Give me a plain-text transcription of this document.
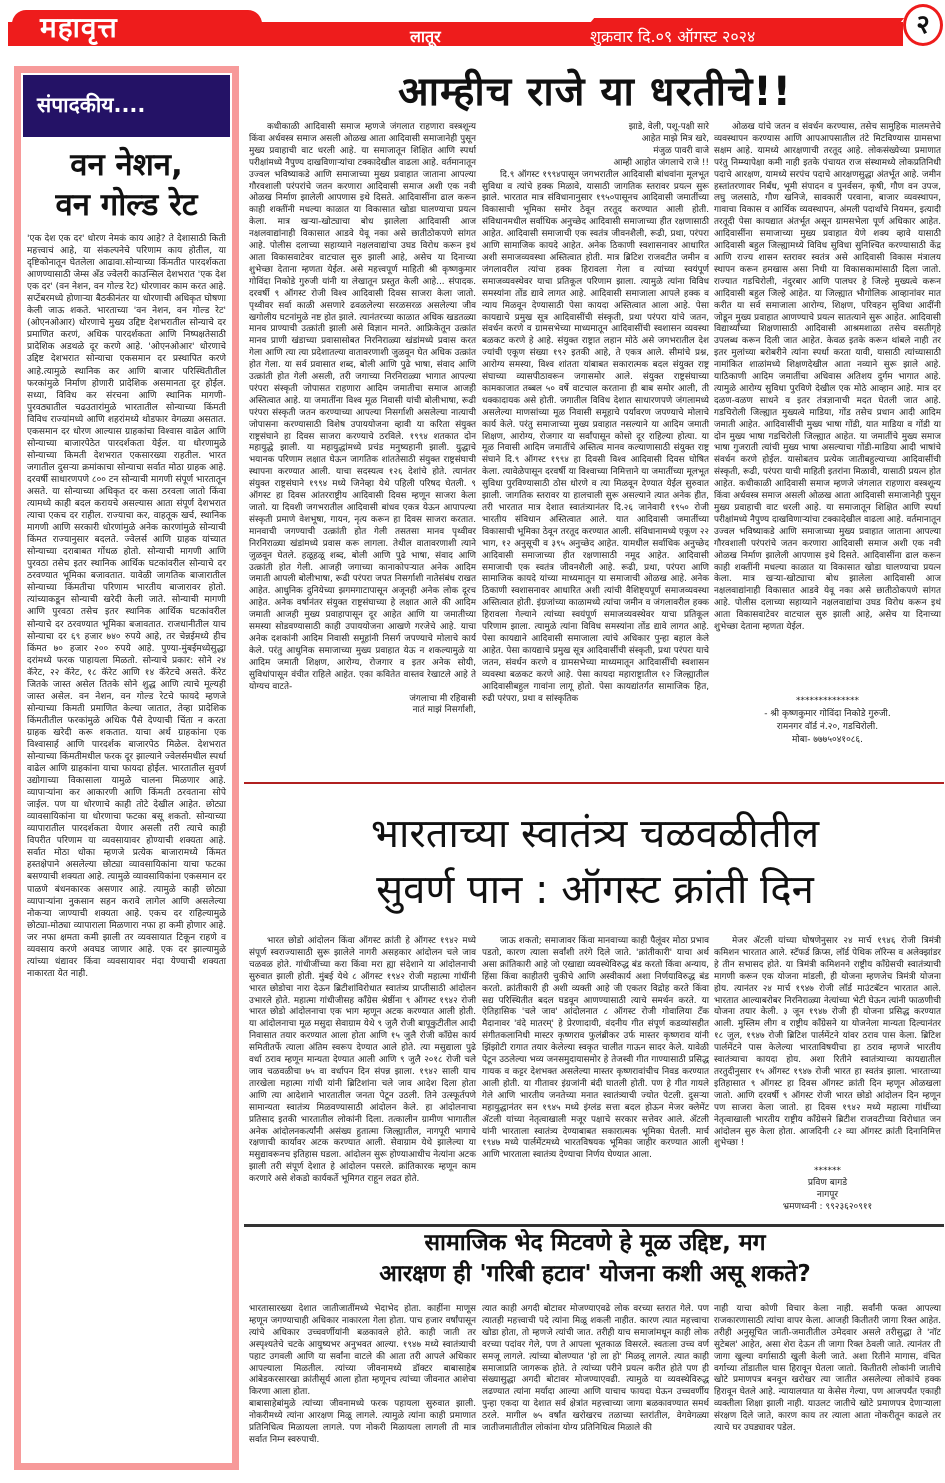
महावृत्त	लातूर	शुक्रवार दि.०९ ऑगस्ट २०२४	२
संपादकीय....
वन नेशन,
वन गोल्ड रेट
'एक देश एक दर' धोरण नेमकं काय आहे? ते देशासाठी किती महत्त्वाचं आहे, या संकल्पनेचे परिणाम काय होतील, या दृष्टिकोनातून घेतलेला आढावा.सोन्याच्या किंमतीत पारदर्शकता आणण्यासाठी जेम्स अँड ज्वेलरी काउन्सिल देशभरात 'एक देश एक दर' (वन नेशन, वन गोल्ड रेट) धोरणावर काम करत आहे. सप्टेंबरमध्ये होणाऱ्या बैठकीनंतर या धोरणाची अधिकृत घोषणा केली जाऊ शकते. भारताच्या 'वन नेशन, वन गोल्ड रेट' (ओएनओआर) धोरणाचे मुख्य उद्दिष्ट देशभरातील सोन्याचे दर प्रमाणित करणं, अधिक पारदर्शकता आणि निष्पक्षतेसाठी प्रादेशिक अडथळे दूर करणे आहे. 'ओएनओआर' धोरणाचे उद्दिष्ट देशभरात सोन्याचा एकसमान दर प्रस्थापित करणे आहे.त्यामुळे स्थानिक कर आणि बाजार परिस्थितीतील फरकांमुळे निर्माण होणारी प्रादेशिक असमानता दूर होईल. सध्या, विविध कर संरचना आणि स्थानिक मागणी-पुरवठ्यातील चढउतारांमुळे भारतातील सोन्याच्या किंमती विविध राज्यांमध्ये आणि शहरांमध्ये थोडफार वेगळ्या असतात. एकसमान दर धोरण आल्यास ग्राहकांचा विश्वास वाढेल आणि सोन्याच्या बाजारपेठेत पारदर्शकता येईल. या धोरणामुळे सोन्याच्या किमती देशभरात एकसारख्या राहतील. भारत जगातील दुसऱ्या क्रमांकाचा सोन्याचा सर्वात मोठा ग्राहक आहे. दरवर्षी साधारणपणे ८०० टन सोन्याची मागणी संपूर्ण भारतातून असते. या सोन्याच्या अधिकृत दर कसा ठरवला जातो किंवा त्यामध्ये काही बदल करायचे असल्यास आता संपूर्ण देशभरात त्याचा एकच दर राहील. राज्याचा कर, वाहतूक खर्च, स्थानिक मागणी आणि सरकारी धोरणांमुळे अनेक कारणांमुळे सोन्याची किंमत राज्यानुसार बदलते. ज्वेलर्स आणि ग्राहक यांच्यात सोन्याच्या दराबाबत गोंधळ होतो. सोन्याची मागणी आणि पुरवठा तसेच इतर स्थानिक आर्थिक घटकांवरील सोन्याचे दर ठरवण्यात भूमिका बजावतात. यावेळी जागतिक बाजारातील सोन्याच्या किंमतीचा परिणाम भारतीय बाजारावर होतो. त्यांच्याकडून सोन्याची खरेदी केली जाते. सोन्याची मागणी आणि पुरवठा तसेच इतर स्थानिक आर्थिक घटकांवरील सोन्याचे दर ठरवण्यात भूमिका बजावतात. राजधानीतील याच सोन्याचा दर ६९ हजार ७४० रुपये आहे, तर चेन्नईमध्ये हीच किंमत ७० हजार २०० रुपये आहे. पुण्या-मुंबईमध्येसुद्धा दरांमध्ये फरक पाहायला मिळतो. सोन्याचे प्रकार: सोने २४ कॅरेट, २२ कॅरेट, १८ कॅरेट आणि १४ कॅरेटचे असते. कॅरेट जितके जास्त असेल तितके सोने शुद्ध आणि त्याचे मूल्यही जास्त असेल. वन नेशन, वन गोल्ड रेटचे फायदे म्हणजे सोन्याच्या किमती प्रमाणित केल्या जातात, तेव्हा प्रादेशिक किंमतीतील फरकांमुळे अधिक पैसे देण्याची चिंता न करता ग्राहक खरेदी करू शकतात. याचा अर्थ ग्राहकांना एक विश्वासार्ह आणि पारदर्शक बाजारपेठ मिळेल. देशभरात सोन्याच्या किंमतीमधील फरक दूर झाल्याने ज्वेलर्समधील स्पर्धा वाढेल आणि ग्राहकांना याचा फायदा होईल. भारतातील सुवर्ण उद्योगाच्या विकासाला यामुळे चालना मिळणार आहे. व्यापाऱ्यांना कर आकारणी आणि किंमती ठरवताना सोपे जाईल. पण या धोरणाचे काही तोटे देखील आहेत. छोट्या व्यावसायिकांना या धोरणाचा फटका बसू शकतो. सोन्याच्या व्यापारातील पारदर्शकता येणार असली तरी त्याचे काही विपरीत परिणाम या व्यवसायावर होण्याची शक्यता आहे. सर्वात मोठा धोका म्हणजे प्रत्येक बाजारामध्ये किंमत हस्तक्षेपाने असलेल्या छोट्या व्यावसायिकांना याचा फटका बसण्याची शक्यता आहे. त्यामुळे व्यावसायिकांना एकसमान दर पाळणे बंधनकारक असणार आहे. त्यामुळे काही छोट्या व्यापाऱ्यांना नुकसान सहन करावे लागेल आणि असलेल्या नोकऱ्या जाण्याची शक्यता आहे. एकच दर राहिल्यामुळे छोट्या-मोठ्या व्यापाराला मिळणारा नफा हा कमी होणार आहे. जर नफा क्षमता कमी झाली तर व्यवसायात टिकून राहणे व व्यवसाय करणे अवघड जाणार आहे. एक दर झाल्यामुळे त्यांच्या धंद्यावर किंवा व्यवसायावर मंदा येण्याची शक्यता नाकारता येत नाही.
आम्हीच राजे या धरतीचे!!

कधीकाळी आदिवासी समाज म्हणजे जंगलात राहणारा वस्त्रशून्य किंवा अर्धवस्त्र समाज असली ओळख आता आदिवासी समाजानेही पुसून मुख्य प्रवाहाची वाट धरली आहे. या समाजातून शिक्षित आणि स्पर्धा परीक्षांमध्ये नैपुण्य दाखविणाऱ्यांचा टक्कादेखील वाढला आहे. वर्तमानातून उज्वल भविष्याकडे आणि समाजाच्या मुख्य प्रवाहात जाताना आपल्या गौरवशाली परंपरांचे जतन करणारा आदिवासी समाज अशी एक नवी ओळख निर्माण झालेली आपणास इथे दिसते. आदिवासींना ढाल करून काही शक्तींनी मधल्या काळात या विकासात खोडा घालण्याचा प्रयत्न केला. मात्र खऱ्या-खोट्याचा बोध झालेला आदिवासी आज नक्षलवाद्यांनाही विकासात आडवे येवू नका असे छातीठोकपणे सांगत आहे. पोलीस दलाच्या सहाय्याने नक्षलवाद्यांचा उघड विरोध करून इथं आता विकासवाटेवर वाटचाल सुरु झाली आहे, असेच या दिनाच्या शुभेच्छा देताना म्हणता येईल. असे महत्त्वपूर्ण माहिती श्री कृष्णकुमार गोविंदा निकोडे गुरुजी यांनी या लेखातून प्रस्तुत केली आहे... संपादक. दरवर्षी ९ ऑगस्ट रोजी विश्व आदिवासी दिवस साजरा केला जातो. पृथ्वीवर सर्वा काळी असणारे ढवळलेल्या सरळसरळ असलेल्या जीव खगोलीय घटनांमुळे नष्ट होत झाले. त्यानंतरच्या काळात अधिक खडतळ्या मानव प्राण्याची उत्क्रांती झाली असे विज्ञान मानते. आफ्रिकेतून उत्क्रांत मानव प्राणी खंडाच्या प्रवासासोबत निरनिराळ्या खंडांमध्ये प्रवास करत गेला आणि त्या त्या प्रदेशातल्या वातावरणाशी जुळवून घेत अधिक उत्क्रांत होत गेला. या सर्व प्रवासात शब्द, बोली आणि पुढे भाषा, संवाद आणि उत्क्रांती होत गेली असली, तरी जगाच्या निरनिराळ्या भागात आपल्या परंपरा संस्कृती जोपासत राहणारा आदिम जमातीचा समाज आजही अस्तित्वात आहे. या जमातींना विश्व मूळ निवासी यांची बोलीभाषा, रूढी परंपरा संस्कृती जतन करण्याच्या आपल्या निसर्गाशी असलेल्या नात्याची जोपासना करण्यासाठी विशेष उपाययोजना व्हावी या करिता संयुक्त राष्ट्रसंघाने हा दिवस साजरा करण्याचे ठरविले. १९९४ शतकात दोन महायुद्धे झाली. या महायुद्धांमध्ये प्रचंड मनुष्यहानी झाली. युद्धाचे भयानक परिणाम लक्षात घेऊन जागतिक शांततेसाठी संयुक्त राष्ट्रसंघाची स्थापना करण्यात आली. याचा सदस्यत्व १२६ देशांचे होते. त्यानंतर संयुक्त राष्ट्रसंघाने १९९४ मध्ये जिनेव्हा येथे पहिली परिषद घेतली. ९ ऑगस्ट हा दिवस आंतरराष्ट्रीय आदिवासी दिवस म्हणून साजरा केला जातो. या दिवशी जगभरातील आदिवासी बांधव एकत्र येऊन आपापल्या संस्कृती प्रमाणे वेशभूषा, गायन, नृत्य करून हा दिवस साजरा करतात. मानवाची जगण्याची उत्क्रांती होत गेली तसतसा मानव पृथ्वीवर निरनिराळ्या खंडांमध्ये प्रवास करू लागला. तेथील वातावरणाशी त्याने जुळवून घेतले. हळूहळू शब्द, बोली आणि पुढे भाषा, संवाद आणि उत्क्रांती होत गेली. आजही जगाच्या कानाकोपऱ्यात अनेक आदिम जमाती आपली बोलीभाषा, रूढी परंपरा जपत निसर्गाशी नातेसंबंध राखत आहेत. आधुनिक दुनियेच्या झगमगाटापासून अजूनही अनेक लोक दूरच आहेत. अनेक वर्षानंतर संयुक्त राष्ट्रसंघाच्या हे लक्षात आले की आदिम जमाती आजही मुख्य प्रवाहापासून दूर आहेत आणि या जमातीच्या समस्या सोडवण्यासाठी काही उपाययोजना आखणे गरजेचे आहे. याचा अनेक दशकांनी आदिम निवासी समूहांनी निसर्ग जपण्याचे मोलाचे कार्य केले. परंतु आधुनिक समाजाच्या मुख्य प्रवाहात येऊ न शकल्यामुळे या आदिम जमाती शिक्षण, आरोग्य, रोजगार व इतर अनेक सोयी, सुविधांपासून वंचीत राहिले आहेत. एका कवितेत वास्तव रेखाटले आहे ते योग्यच वाटते-

जंगलाचा मी रहिवासी

नातं माझं निसर्गाशी,

झाडे, वेली, पशू-पक्षी सारे

आहेत माझे मित्र खरे,

मंजुळ पावरी वाजे

आम्ही आहोत जंगलाचे राजे !!

दि.९ ऑगस्ट १९९४पासून जगभरातील आदिवासी बांधवांना मूलभूत सुविधा व त्यांचे हक्क मिळावे, यासाठी जागतिक स्तरावर प्रयत्न सुरू झाले. भारतात मात्र संविधानानुसार १९५०पासूनच आदिवासी जमातींच्या विकासाची भूमिका समोर ठेवून तरतूद करण्यात आली होती. संविधानमधील सर्वाधिक अनुच्छेद आदिवासी समाजाच्या हीत रक्षणासाठी आहेत. आदिवासी समाजाची एक स्वतंत्र जीवनशैली, रूढी, प्रथा, परंपरा आणि सामाजिक कायदे आहेत. अनेक ठिकाणी स्वशासनावर आधारित अशी समाजव्यवस्था अस्तित्वात होती. मात्र ब्रिटिश राजवटीत जमीन व जंगलावरील त्यांचा हक्क हिरावला गेला व त्यांच्या स्वयंपूर्ण समाजव्यवस्थेवर याचा प्रतिकूल परिणाम झाला. त्यामुळे त्यांना विविध समस्यांना तोंड द्यावे लागत आहे. आदिवासी समाजाला आपले हक्क व न्याय मिळवून देण्यासाठी पेसा कायदा अस्तित्वात आला आहे. पेसा कायद्याचे प्रमुख सूत्र आदिवासींची संस्कृती, प्रथा परंपरा यांचे जतन, संवर्धन करणे व ग्रामसभेच्या माध्यमातून आदिवासींची स्वशासन व्यवस्था बळकट करणे हे आहे. संयुक्त राष्ट्रात लहान मोठे असे जगभरातील देश ज्यांची एकूण संख्या १९२ इतकी आहे, ते एकत्र आले. सीमांचे प्रश्न, आरोग्य समस्या, विश्व शांतता यांबाबत सकारात्मक बदल संयुक्त राष्ट्र संघाच्या व्यासपीठावरून जगासमोर आले. संयुक्त राष्ट्रसंघाच्या कामकाजात तब्बल ५० वर्षे वाटचाल करताना ही बाब समोर आली, ती धक्कादायक असे होती. जगातील विविध देशात साधारणपणे जंगलामध्ये असलेल्या माणसांच्या मूळ निवासी समूहाचे पर्यावरण जपण्याचे मोलाचे कार्य केले. परंतु समाजाच्या मुख्य प्रवाहात नसल्याने या आदिम जमाती शिक्षण, आरोग्य, रोजगार या सर्वांपासून कोसो दूर राहिल्या होत्या. या मूळ निवासी आदिम जमातींचे अस्तित्व मानव कल्याणासाठी संयुक्त राष्ट्र संघाने दि.९ ऑगस्ट १९९४ हा दिवसी विश्व आदिवासी दिवस घोषित केला. त्यावेळेपासून दरवर्षी या विश्वाच्या निमित्ताने या जमातींच्या मूलभूत सुविधा पुरविण्यासाठी ठोस धोरणे व त्या मिळवून देण्यात येईल सुरुवात झाली. जागतिक स्तरावर या हालचाली सुरू असल्याने त्यात अनेक हीत, तरी भारतात मात्र देशात स्वातंत्र्यानंतर दि.२६ जानेवारी १९५० रोजी भारतीय संविधान अस्तित्वात आले. यात आदिवासी जमातींच्या विकासाची भूमिका ठेवून तरतूद करण्यात आली. संविधानामध्ये एकूण २२ भाग, १२ अनुसूची व ३९५ अनुच्छेद आहेत. यामधील सर्वाधिक अनुच्छेद आदिवासी समाजाच्या हीत रक्षणासाठी नमूद आहेत. आदिवासी समाजाची एक स्वतंत्र जीवनशैली आहे. रूढी, प्रथा, परंपरा आणि सामाजिक कायदे यांच्या माध्यमातून या समाजाची ओळख आहे. अनेक ठिकाणी स्वशासनावर आधारित अशी त्यांची वैशिष्ट्यपूर्ण समाजव्यवस्था अस्तित्वात होती. इंग्रजांच्या काळामध्ये त्यांचा जमीन व जंगलावरील हक्क हिरावला गेल्याने त्यांच्या स्वयंपूर्ण समाजव्यवस्थेवर याचा प्रतिकूल परिणाम झाला. त्यामुळे त्यांना विविध समस्यांना तोंड द्यावे लागत आहे. पेसा कायद्याने आदिवासी समाजाला त्यांचे अधिकार पुन्हा बहाल केले आहेत. पेसा कायद्याचे प्रमुख सूत्र आदिवासींची संस्कृती, प्रथा परंपरा याचे जतन, संवर्धन करणे व ग्रामसभेच्या माध्यमातून आदिवासींची स्वशासन व्यवस्था बळकट करणे आहे. पेसा कायदा महाराष्ट्रातील १२ जिल्ह्यातील आदिवासीबहुल गावांना लागू होतो. पेसा कायद्यांतर्गत सामाजिक हित, रुढी परंपरा, प्रथा व सांस्कृतिक

ओळख यांचे जतन व संवर्धन करण्यास, तसेच सामुहिक मालमत्तेचे व्यवस्थापन करण्यास आणि आपआपसातील तंटे मिटविण्यास ग्रामसभा सक्षम आहे. यामध्ये आरक्षणाची तरतूद आहे. लोकसंख्येच्या प्रमाणात परंतु निम्म्यापेक्षा कमी नाही इतके पंचायत राज संस्थामध्ये लोकप्रतिनिधी पदाचे आरक्षण, यामध्ये सरपंच पदाचे आरक्षणसुद्धा अंतर्भूत आहे. जमीन हस्तांतरणावर निर्बंध, भूमी संपादन व पुनर्वसन, कृषी, गौण वन उपज, लघु जलसाठे, गौण खनिजे, सावकारी परवाना, बाजार व्यवस्थापन, गावाचा विकास व आर्थिक व्यवस्थापन, अंमली पदार्थांचे नियमन, इत्यादी तरतूदी पेसा कायद्यात अंतर्भूत असून ग्रामसभेला पूर्ण अधिकार आहेत. आदिवासींना समाजाच्या मुख्य प्रवाहात येणे शक्य व्हावे यासाठी आदिवासी बहुल जिल्ह्यामध्ये विविध सुविधा सुनिश्चित करण्यासाठी केंद्र आणि राज्य शासन स्तरावर स्वतंत्र असे आदिवासी विकास मंत्रालय स्थापन करून हमखास असा निधी या विकासकामांसाठी दिला जातो. राज्यात गडचिरोली, नंदुरबार आणि पालघर हे जिल्हे मुख्यत्वे करून आदिवासी बहुल जिल्हे आहेत. या जिल्ह्यात भौगोलिक आव्हानांवर मात करीत या सर्व समाजाला आरोग्य, शिक्षण, परिवहन सुविधा आदींनी जोडून मुख्य प्रवाहात आणण्याचे प्रयत्न सातत्याने सुरू आहेत. आदिवासी विद्यार्थ्यांच्या शिक्षणासाठी आदिवासी आश्रमशाळा तसेच वसतीगृहे उपलब्ध करून दिली जात आहेत. केवळ इतके करून थांबले नाही तर इतर मुलांच्या बरोबरीने त्यांना स्पर्धा करता यावी, यासाठी त्यांच्यासाठी नामांकित शाळांमध्ये शिक्षणदेखील आता नव्याने सुरू झाले आहे. याठिकाणी आदिम जमातींचा अधिवास अतिशय दुर्गम भागात आहे. त्यामुळे आरोग्य सुविधा पुरविणे देखील एक मोठे आव्हान आहे. मात्र दर दळण-वळण साधने व इतर तंत्रज्ञानाची मदत घेतली जात आहे. गडचिरोली जिल्ह्यात मुख्यत्वे माडिया, गोंड तसेच प्रधान आदी आदिम जमाती आहेत. आदिवासींची मुख्य भाषा गोंडी, यात माडिया व गोंडी या दोन मुख्य भाषा गडचिरोली जिल्ह्यात आहेत. या जमातींचे मुख्य समाज भाषा गुजराती त्यांची मुख्य भाषा असल्याचा गोंडी-माडिया आदी भाषांचे संवर्धन करणे होईल. यासोबतच प्रत्येक जातीबहुल्याच्या आदिवासींची संस्कृती, रूढी, परंपरा याची माहिती इतरांना मिळावी, यासाठी प्रयत्न होत आहेत. कधीकाळी आदिवासी समाज म्हणजे जंगलात राहणारा वस्त्रशून्य किंवा अर्धवस्त्र समाज असली ओळख आता आदिवासी समाजानेही पुसून मुख्य प्रवाहाची वाट धरली आहे. या समाजातून शिक्षित आणि स्पर्धा परीक्षांमध्ये नैपुण्य दाखविणाऱ्यांचा टक्कादेखील वाढला आहे. वर्तमानातून उज्वल भविष्याकडे आणि समाजाच्या मुख्य प्रवाहात जाताना आपल्या गौरवशाली परंपरांचे जतन करणारा आदिवासी समाज अशी एक नवी ओळख निर्माण झालेली आपणास इथे दिसते. आदिवासींना ढाल करून काही शक्तींनी मधल्या काळात या विकासात खोडा घालण्याचा प्रयत्न केला. मात्र खऱ्या-खोट्याचा बोध झालेला आदिवासी आज नक्षलवाद्यांनाही विकासात आडवे येवू नका असे छातीठोकपणे सांगत आहे. पोलीस दलाच्या सहाय्याने नक्षलवाद्यांचा उघड विरोध करून इथं आता विकासवाटेवर वाटचाल सुरु झाली आहे, असेच या दिनाच्या शुभेच्छा देताना म्हणता येईल.

**************

- श्री कृष्णकुमार गोविंदा निकोडे गुरुजी.

रामनगर वॉर्ड नं.२०, गडचिरोली.

मोबा- ७७७५०४१०८६.

भारताच्या स्वातंत्र्य चळवळीतील
सुवर्ण पान : ऑगस्ट क्रांती दिन

भारत छोडो आंदोलन किंवा ऑगस्ट क्रांती हे ऑगस्ट १९४२ मध्ये संपूर्ण स्वराज्यासाठी सुरू झालेले नागरी असहकार आंदोलन चले जाव चळवळ होते. गांधीजींच्या करा किंवा मरा ह्या संदेशाने या आंदोलनाची सुरुवात झाली होती. मुंबई येथे ८ ऑगस्ट १९४२ रोजी महात्मा गांधींनी भारत छोडोचा नारा देऊन ब्रिटीशांविरोधात स्वातंत्र्य प्राप्तीसाठी आंदोलन उभारले होते. महात्मा गांधीजीसह काँग्रेस श्रेष्ठींना ९ ऑगस्ट १९४२ रोजी भारत छोडो आंदोलनाचा एक भाग म्हणून अटक करण्यात आली होती. या आंदोलनाचा मूळ मसुदा सेवाग्राम येथे ९ जुलै रोजी बापूकुटीतील आदी निवासात तयार करण्यात आला होता आणि १५ जुलै रोजी काँग्रेस कार्य समितीतर्फे त्याला अंतिम स्वरूप देण्यात आले होते. त्या मसुद्याला पुढे वर्धा ठराव म्हणून मान्यता देण्यात आली आणि ९ जुलै २०१८ रोजी चले जाव चळवळीचा ७५ वा वर्धापन दिन संपन्न झाला. १९४२ साली याच तारखेला महात्मा गांधी यांनी ब्रिटिशांना चले जाव आदेश दिला होता आणि त्या आदेशाने भारतातील जनता पेटून उठली. तिने उत्स्फूर्तपणे सामान्यता स्वातंत्र्य मिळवण्यासाठी आंदोलन केले. हा आंदोलनाचा प्रतिसाद इतकी भारतातील लोकांनी दिला. तत्कालीन ग्रामीण भागातील अनेक आंदोलनकर्त्यांनी असंख्य हुतात्मा जिल्ह्यातील, नागपूरी भागाचे रक्षणाची कार्यावर अटक करण्यात आली. सेवाग्राम येथे झालेल्या या मसुद्यावरूनच इतिहास घडला. आंदोलन सुरू होण्याआधीच नेत्यांना अटक झाली तरी संपूर्ण देशात हे आंदोलन पसरले. क्रांतिकारक म्हणून काम करणारे असे शेकडो कार्यकर्ते भूमिगत राहून लढत होते.

जाऊ शकतो; समाजावर किंवा मानवाच्या काही पैलूंवर मोठा प्रभाव पडतो, कारण त्याला सर्वांशी तरंगे दिले जाते. 'क्रांतीकारी' याचा अर्थ असा क्रांतिकारी आहे जो एखाद्या व्यवस्थेविरुद्ध बंड करतो किंवा अन्याय, हिंसा किंवा काहीतरी चुकीचे आणि अस्वीकार्य अशा निर्णयाविरुद्ध बंड करतो. क्रांतीकारी ही अशी व्यक्ती आहे जी एकतर विद्रोह करते किंवा सद्य परिस्थितीत बदल घडवून आणण्यासाठी त्याचे समर्थन करते. या ऐतिहासिक 'चले जाव' आंदोलनात ८ ऑगस्ट रोजी गोवालिया टँक मैदानावर 'वंदे मातरम्' हे प्रेरणादायी, वंदनीय गीत संपूर्ण कडव्यांसहीत संगीतकलानिधी मास्टर कृष्णराव फुलंब्रीकर उर्फ मास्तर कृष्णराव यांनी झिंझोटी रागात तयार केलेल्या स्वकृत चालीत गाऊन सादर केले. यावेळी पेटून उठलेल्या भव्य जनसमुदायासमोर हे तेजस्वी गीत गाण्यासाठी प्रसिद्ध गायक व कट्टर देशभक्त असलेल्या मास्तर कृष्णरावांचीच निवड करण्यात आली होती. या गीतावर इंग्रजांनी बंदी घातली होती. पण हे गीत गायले गेले आणि भारतीय जनतेच्या मनात स्वातंत्र्याची ज्योत पेटली. दुसऱ्या महायुद्धानंतर सन १९४५ मध्ये इंग्लंड सत्ता बदल होऊन मेजर क्लेमेंट ॲटली यांच्या नेतृत्वाखाली मजूर पक्षाचे सरकार सत्तेवर आले. ॲटली यांनी भारताला स्वातंत्र्य देण्याबाबत सकारात्मक भूमिका घेतली. मार्च १९४७ मध्ये पार्लमेंटमध्ये भारतविषयक भूमिका जाहीर करण्यात आली आणि भारताला स्वातंत्र्य देण्याचा निर्णय घेण्यात आला.

मेजर ॲटली यांच्या घोषणेनुसार २४ मार्च १९४६ रोजी त्रिमंत्री कमिशन भारतात आले. स्टॅफर्ड क्रिप्स, लॉर्ड पेथिक लॉरेन्स व अलेक्झांडर हे तीन सभासद होते. या त्रिमंत्री कमिशनने राष्ट्रीय काँग्रेसची स्वातंत्र्याची मागणी करून एक योजना मांडली, ही योजना म्हणजेच त्रिमंत्री योजना होय. त्यानंतर २४ मार्च १९४७ रोजी लॉर्ड माउंटबॅटन भारतात आले. भारतात आल्याबरोबर निरनिराळ्या नेत्यांच्या भेटी घेऊन त्यांनी फाळणीची योजना तयार केली. ३ जून १९४७ रोजी ही योजना प्रसिद्ध करण्यात आली. मुस्लिम लीग व राष्ट्रीय काँग्रेसने या योजनेला मान्यता दिल्यानंतर १८ जुल, १९४७ रोजी ब्रिटिश पार्लमेंटने यांवर ठराव पास केला. ब्रिटिश पार्लमेंटने पास केलेल्या भारताविषयीचा हा ठराव म्हणजे भारतीय स्वातंत्र्याचा कायदा होय. अशा रितीने स्वातंत्र्याच्या कायद्यातील तरतुदीनुसार १५ ऑगस्ट १९४७ रोजी भारत हा स्वतंत्र झाला. भारताच्या इतिहासात ९ ऑगस्ट हा दिवस ऑगस्ट क्रांती दिन म्हणून ओळखला जातो. आणि दरवर्षी ९ ऑगस्ट रोजी भारत छोडो आंदोलन दिन म्हणून पण साजरा केला जातो. हा दिवस १९४२ मध्ये महात्मा गांधींच्या नेतृत्वाखाली भारतीय राष्ट्रीय काँग्रेसने ब्रिटीश राजवटीच्या विरोधात जन आंदोलन सुरु केला होता. आजदिनी ८२ व्या ऑगस्ट क्रांती दिनानिमित्त शुभेच्छा !

******

प्रविण बागडे

नागपूर

भ्रमणध्वनी : ९९२३६२०९११

सामाजिक भेद मिटवणे हे मूळ उद्दिष्ट, मग
आरक्षण ही 'गरिबी हटाव' योजना कशी असू शकते?

भारतासारख्या देशात जातीजातींमध्ये भेदाभेद होता. काहींना माणूस म्हणून जगण्याचाही अधिकार नाकारला गेला होता. पाच हजार वर्षांपासून त्यांचे अधिकार उच्चवर्णीयांनी बळकावले होते. काही जाती तर अस्पृश्यतेचे चटके आयुष्यभर अनुभवत आल्या. १९४७ मध्ये स्वातंत्र्याची पहाट उगवली आणि या सर्वांना वाटले की आता तरी आपले अधिकार आपल्याला मिळतील. त्यांच्या जीवनामध्ये डॉक्टर बाबासाहेब आंबेडकरसारखा क्रांतीसूर्य आला होता म्हणूनच त्यांच्या जीवनात आशेचा किरणा आला होता.

बाबासाहेबांमुळे त्यांच्या जीवनामध्ये फरक पहायला सुरुवात झाली. नोकरीमध्ये त्यांना आरक्षण मिळू लागले. त्यामुळे त्यांना काही प्रमाणात प्रतिनिधित्व मिळायला लागले. पण नोकरी मिळायला लागली ती मात्र सर्वात निम्न स्वरुपाची.

त्यात काही अगदी बोटावर मोजण्याएवढे लोक वरच्या स्तरात गेले. पण त्यातही महत्त्वाची पदे त्यांना मिळू शकली नाहीत. कारण त्यात महत्त्वाचा खोडा होता, तो म्हणजे त्यांची जात. तरीही याच समाजांमधून काही लोक वरच्या पदांवर गेले, पण ते आपला भूतकाळ विसरले. स्वतःला उच्च वर्ण समजू लागले. त्यांच्या बोलण्यात 'हो ला हो' मिळवू लागले. त्यात काही समाजाप्रति जागरूक होते. ते त्यांच्या परीने प्रयत्न करीत होते पण ही संख्यासुद्धा अगदी बोटावर मोजण्याएवढी. त्यामुळे या व्यवस्थेविरुद्ध लढण्यात त्यांना मर्यादा आल्या आणि याचाच फायदा घेऊन उच्चवर्णीय पुन्हा एकदा या देशात सर्व क्षेत्रांत महत्त्वाच्या जागा बळकावण्यात समर्थ ठरले. मागील ७५ वर्षांत खरोखरच तळाच्या स्तरांतील, वेगवेगळ्या जातीजमातीतील लोकांना योग्य प्रतिनिधित्व मिळाले की

नाही याचा कोणी विचार केला नाही. सर्वांनी फक्त आपल्या राजकारणासाठी त्यांचा वापर केला. आजही कितीतरी जागा रिक्त आहेत. तरीही अनुसूचित जाती-जमातीतील उमेदवार असले तरीसुद्धा ते 'नॉट सुटेबल' आहेत, असा शेरा देऊन ती जागा रिक्त ठेवली जाते. त्यानंतर ती जागा खुल्या वर्गासाठी खुली केली जाते. अशा रितीने मागास, वंचित वर्गाच्या तोंडातील घास हिरावून घेतला जातो. कितीतरी लोकांनी जातीचे खोटे प्रमाणपत्र बनवून खरोखर त्या जातीत असलेल्या लोकांचे हक्क हिरावून घेतले आहे. न्यायालयात या केसेस गेल्या, पण आजपर्यंत एकाही व्यक्तीला शिक्षा झाली नाही. याउलट जातीचे खोटे प्रमाणपत्र देणाऱ्याला संरक्षण दिले जाते, कारण काय तर त्याला आता नोकरीतून काढले तर त्याचे घर उघड्यावर पडेल.
